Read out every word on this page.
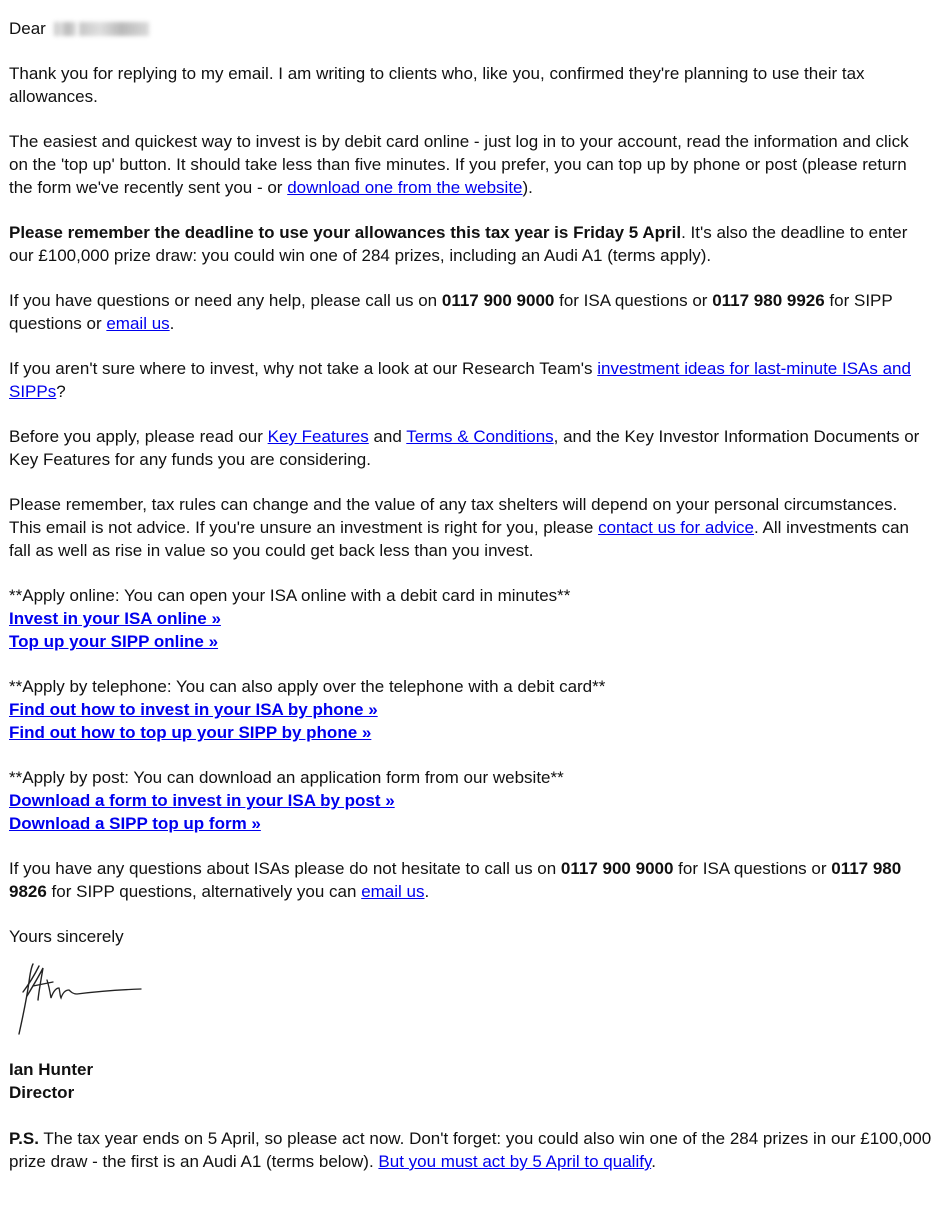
Dear

Thank you for replying to my email. I am writing to clients who, like you, confirmed they're planning to use their tax allowances.

The easiest and quickest way to invest is by debit card online - just log in to your account, read the information and click on the 'top up' button. It should take less than five minutes. If you prefer, you can top up by phone or post (please return the form we've recently sent you - or download one from the website).

Please remember the deadline to use your allowances this tax year is Friday 5 April. It's also the deadline to enter our £100,000 prize draw: you could win one of 284 prizes, including an Audi A1 (terms apply).

If you have questions or need any help, please call us on 0117 900 9000 for ISA questions or 0117 980 9926 for SIPP questions or email us.

If you aren't sure where to invest, why not take a look at our Research Team's investment ideas for last-minute ISAs and SIPPs?

Before you apply, please read our Key Features and Terms & Conditions, and the Key Investor Information Documents or Key Features for any funds you are considering.

Please remember, tax rules can change and the value of any tax shelters will depend on your personal circumstances. This email is not advice. If you're unsure an investment is right for you, please contact us for advice. All investments can fall as well as rise in value so you could get back less than you invest.

**Apply online: You can open your ISA online with a debit card in minutes**
Invest in your ISA online »
Top up your SIPP online »

**Apply by telephone: You can also apply over the telephone with a debit card**
Find out how to invest in your ISA by phone »
Find out how to top up your SIPP by phone »

**Apply by post: You can download an application form from our website**
Download a form to invest in your ISA by post »
Download a SIPP top up form »

If you have any questions about ISAs please do not hesitate to call us on 0117 900 9000 for ISA questions or 0117 980 9826 for SIPP questions, alternatively you can email us.

Yours sincerely

Ian Hunter
Director

P.S. The tax year ends on 5 April, so please act now. Don't forget: you could also win one of the 284 prizes in our £100,000 prize draw - the first is an Audi A1 (terms below). But you must act by 5 April to qualify.
